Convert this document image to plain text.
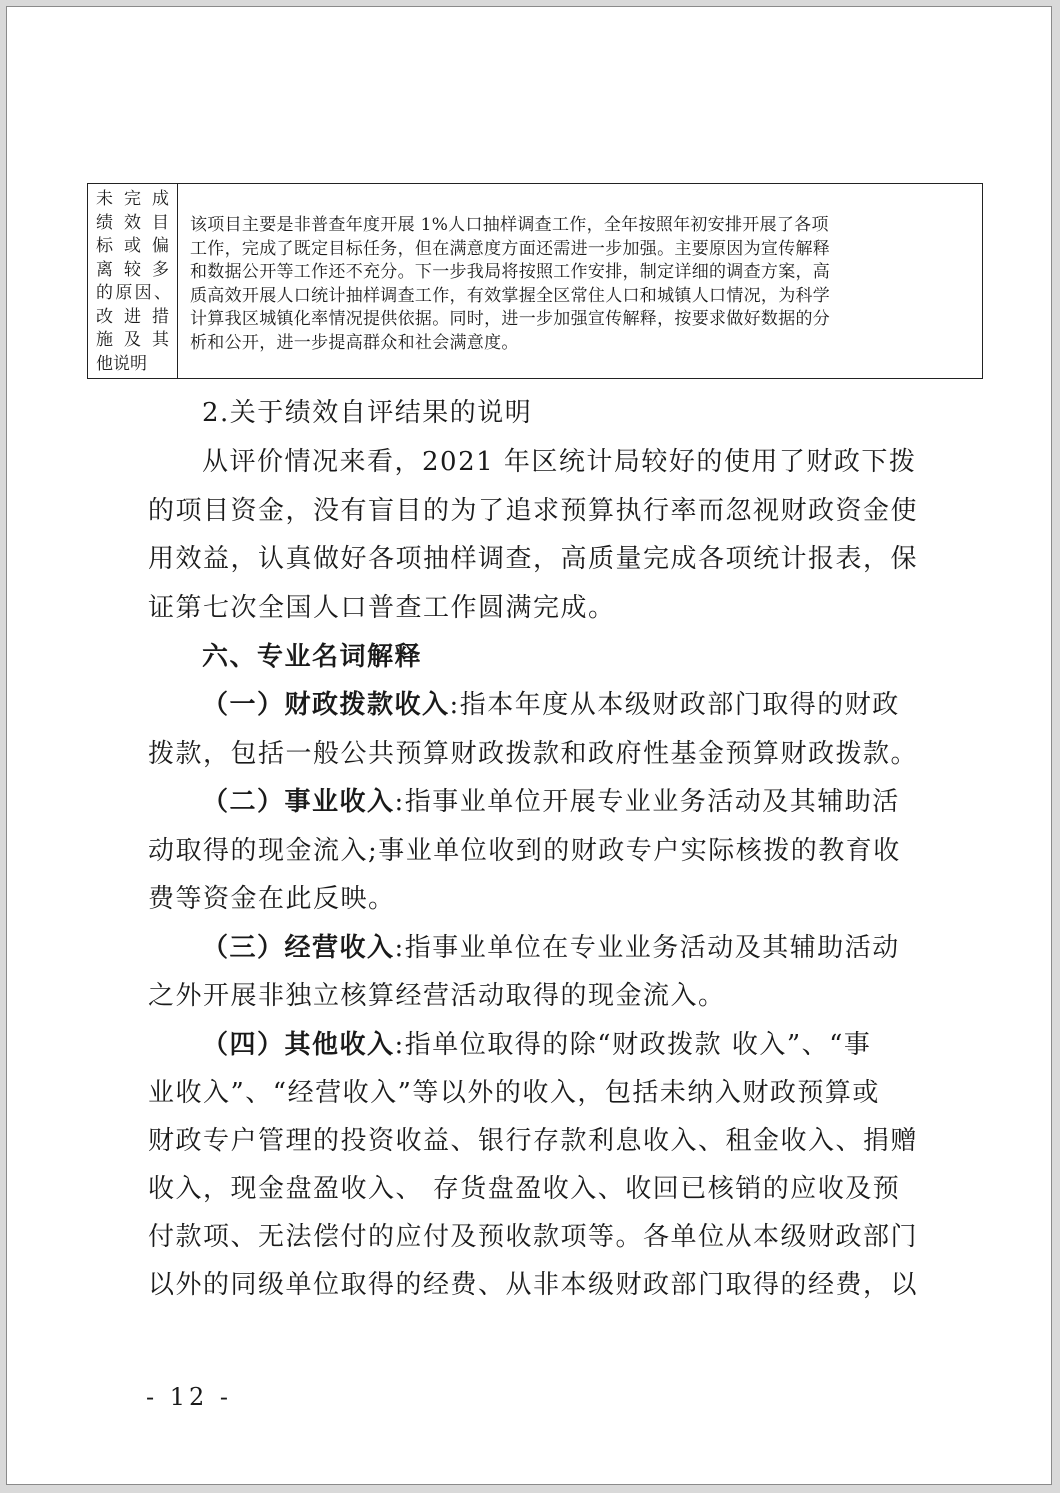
未完成
绩效目
标或偏
离较多
的原因、
改进措
施及其
他说明
该项目主要是非普查年度开展 1%人口抽样调查工作，全年按照年初安排开展了各项
工作，完成了既定目标任务，但在满意度方面还需进一步加强。主要原因为宣传解释
和数据公开等工作还不充分。下一步我局将按照工作安排，制定详细的调查方案，高
质高效开展人口统计抽样调查工作，有效掌握全区常住人口和城镇人口情况，为科学
计算我区城镇化率情况提供依据。同时，进一步加强宣传解释，按要求做好数据的分
析和公开，进一步提高群众和社会满意度。
2.关于绩效自评结果的说明
从评价情况来看，2021 年区统计局较好的使用了财政下拨
的项目资金，没有盲目的为了追求预算执行率而忽视财政资金使
用效益，认真做好各项抽样调查，高质量完成各项统计报表，保
证第七次全国人口普查工作圆满完成。
六、专业名词解释
（一）财政拨款收入:指本年度从本级财政部门取得的财政
拨款，包括一般公共预算财政拨款和政府性基金预算财政拨款。
（二）事业收入:指事业单位开展专业业务活动及其辅助活
动取得的现金流入;事业单位收到的财政专户实际核拨的教育收
费等资金在此反映。
（三）经营收入:指事业单位在专业业务活动及其辅助活动
之外开展非独立核算经营活动取得的现金流入。
（四）其他收入:指单位取得的除“财政拨款 收入”、“事
业收入”、“经营收入”等以外的收入，包括未纳入财政预算或
财政专户管理的投资收益、银行存款利息收入、租金收入、捐赠
收入，现金盘盈收入、 存货盘盈收入、收回已核销的应收及预
付款项、无法偿付的应付及预收款项等。各单位从本级财政部门
以外的同级单位取得的经费、从非本级财政部门取得的经费，以
- 12 -
